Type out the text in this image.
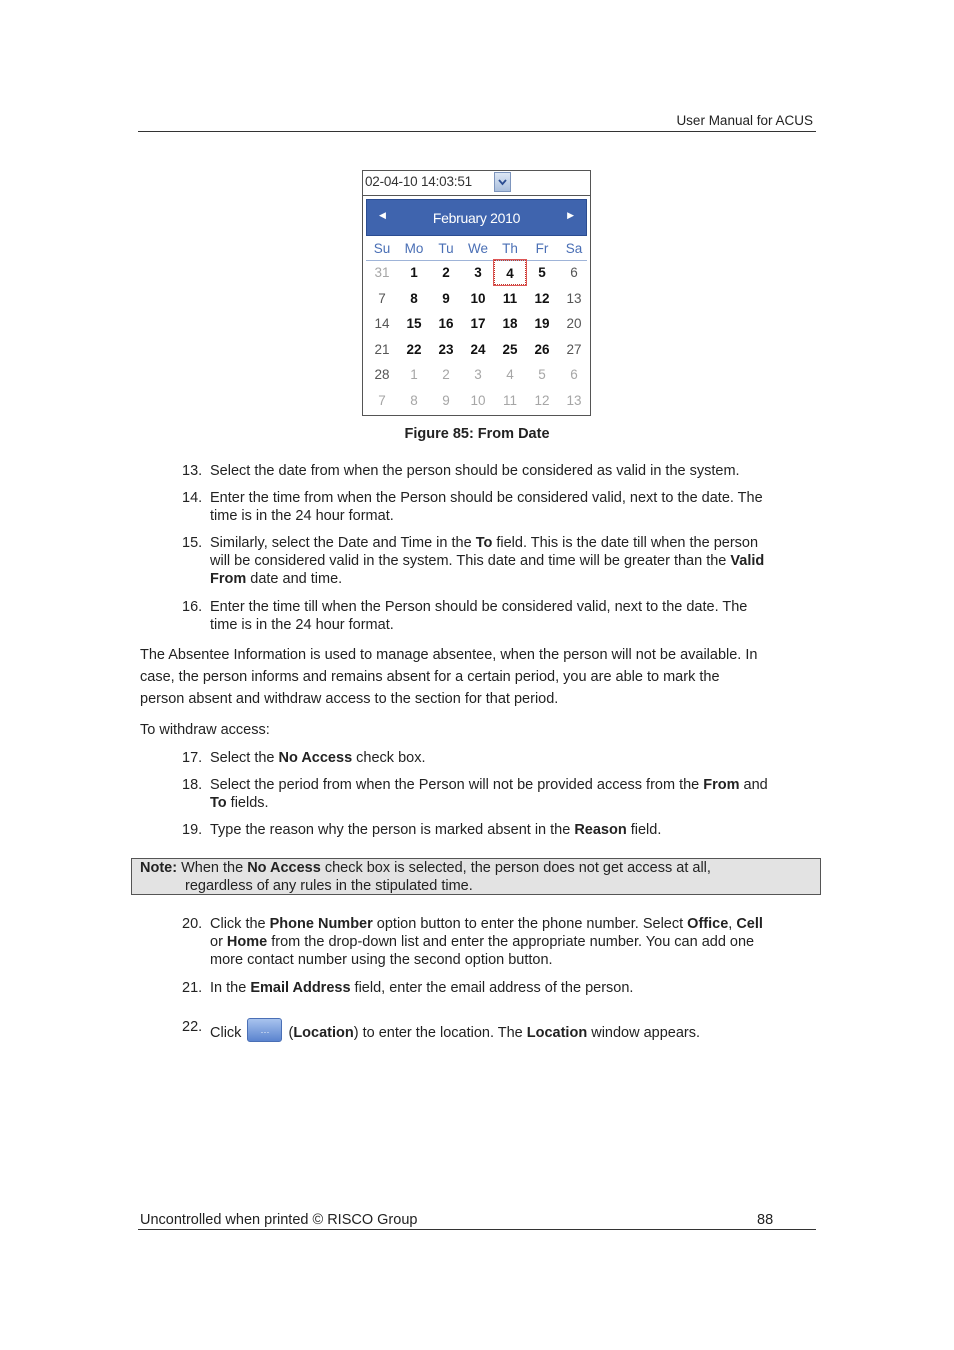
User Manual for ACUS
02-04-10 14:03:51
◀	February 2010	▶
Su	Mo	Tu	We	Th	Fr	Sa
31	1	2	3	4	5	6
7	8	9	10	11	12	13
14	15	16	17	18	19	20
21	22	23	24	25	26	27
28	1	2	3	4	5	6
7	8	9	10	11	12	13
Figure 85: From Date
13. Select the date from when the person should be considered as valid in the system.
14. Enter the time from when the Person should be considered valid, next to the date. The
time is in the 24 hour format.
15. Similarly, select the Date and Time in the To field. This is the date till when the person
will be considered valid in the system. This date and time will be greater than the Valid
From date and time.
16. Enter the time till when the Person should be considered valid, next to the date. The
time is in the 24 hour format.
The Absentee Information is used to manage absentee, when the person will not be available. In
case, the person informs and remains absent for a certain period, you are able to mark the
person absent and withdraw access to the section for that period.
To withdraw access:
17. Select the No Access check box.
18. Select the period from when the Person will not be provided access from the From and
To fields.
19. Type the reason why the person is marked absent in the Reason field.
Note: When the No Access check box is selected, the person does not get access at all,
regardless of any rules in the stipulated time.
20. Click the Phone Number option button to enter the phone number. Select Office, Cell
or Home from the drop-down list and enter the appropriate number. You can add one
more contact number using the second option button.
21. In the Email Address field, enter the email address of the person.
22. Click	···	(Location) to enter the location. The Location window appears.
Uncontrolled when printed © RISCO Group	88
